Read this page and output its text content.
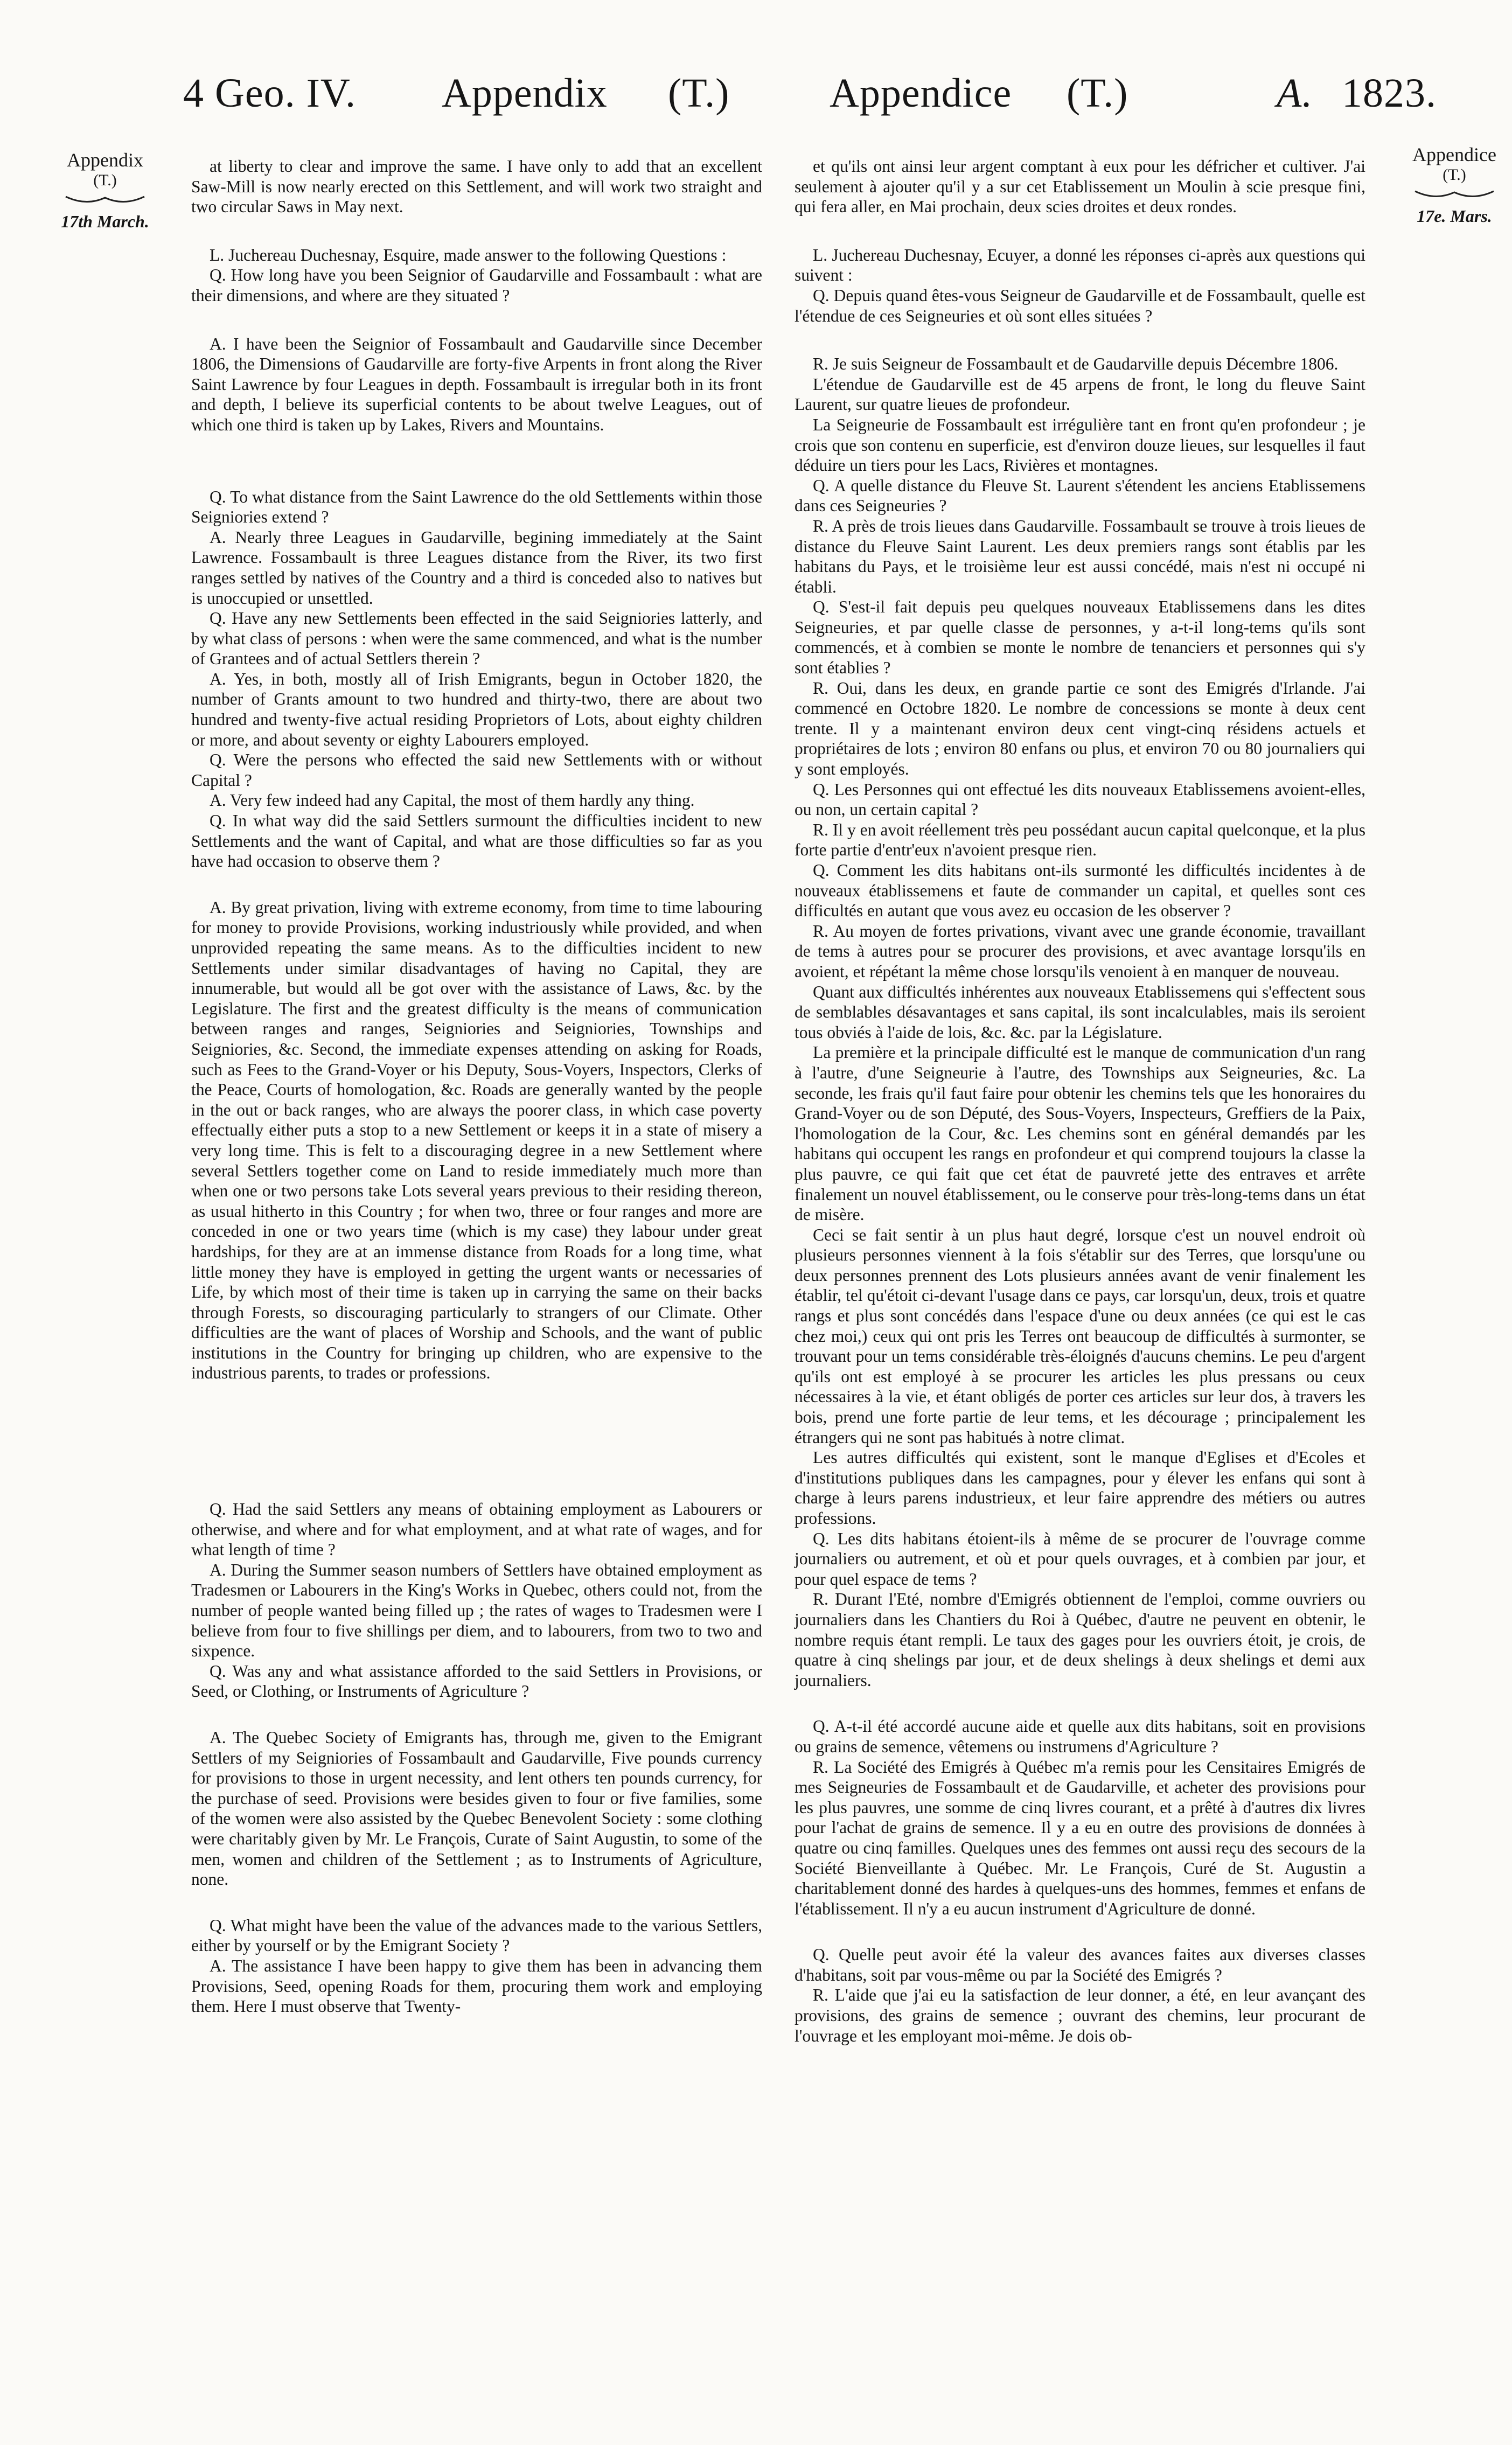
4 Geo. IV. Appendix (T.) Appendice (T.)	A. 1823.
Appendix
(T.)
17th March.
Appendice
(T.)
17e. Mars.

at liberty to clear and improve the same. I have only to add that an excellent Saw-Mill is now nearly erected on this Settlement, and will work two straight and two circular Saws in May next.

L. Juchereau Duchesnay, Esquire, made answer to the following Questions :

Q. How long have you been Seignior of Gaudarville and Fossambault : what are their dimensions, and where are they situated ?

A. I have been the Seignior of Fossambault and Gaudarville since December 1806, the Dimensions of Gaudarville are forty-five Arpents in front along the River Saint Lawrence by four Leagues in depth. Fossambault is irregular both in its front and depth, I believe its superficial contents to be about twelve Leagues, out of which one third is taken up by Lakes, Rivers and Mountains.

Q. To what distance from the Saint Lawrence do the old Settlements within those Seigniories extend ?

A. Nearly three Leagues in Gaudarville, begining immediately at the Saint Lawrence. Fossambault is three Leagues distance from the River, its two first ranges settled by natives of the Country and a third is conceded also to natives but is unoccupied or unsettled.

Q. Have any new Settlements been effected in the said Seigniories latterly, and by what class of persons : when were the same commenced, and what is the number of Grantees and of actual Settlers therein ?

A. Yes, in both, mostly all of Irish Emigrants, begun in October 1820, the number of Grants amount to two hundred and thirty-two, there are about two hundred and twenty-five actual residing Proprietors of Lots, about eighty children or more, and about seventy or eighty Labourers employed.

Q. Were the persons who effected the said new Settlements with or without Capital ?

A. Very few indeed had any Capital, the most of them hardly any thing.

Q. In what way did the said Settlers surmount the difficulties incident to new Settlements and the want of Capital, and what are those difficulties so far as you have had occasion to observe them ?

A. By great privation, living with extreme economy, from time to time labouring for money to provide Provisions, working industriously while provided, and when unprovided repeating the same means. As to the difficulties incident to new Settlements under similar disadvantages of having no Capital, they are innumerable, but would all be got over with the assistance of Laws, &c. by the Legislature. The first and the greatest difficulty is the means of communication between ranges and ranges, Seigniories and Seigniories, Townships and Seigniories, &c. Second, the immediate expenses attending on asking for Roads, such as Fees to the Grand-Voyer or his Deputy, Sous-Voyers, Inspectors, Clerks of the Peace, Courts of homologation, &c. Roads are generally wanted by the people in the out or back ranges, who are always the poorer class, in which case poverty effectually either puts a stop to a new Settlement or keeps it in a state of misery a very long time. This is felt to a discouraging degree in a new Settlement where several Settlers together come on Land to reside immediately much more than when one or two persons take Lots several years previous to their residing thereon, as usual hitherto in this Country ; for when two, three or four ranges and more are conceded in one or two years time (which is my case) they labour under great hardships, for they are at an immense distance from Roads for a long time, what little money they have is employed in getting the urgent wants or necessaries of Life, by which most of their time is taken up in carrying the same on their backs through Forests, so discouraging particularly to strangers of our Climate. Other difficulties are the want of places of Worship and Schools, and the want of public institutions in the Country for bringing up children, who are expensive to the industrious parents, to trades or professions.

Q. Had the said Settlers any means of obtaining employment as Labourers or otherwise, and where and for what employment, and at what rate of wages, and for what length of time ?

A. During the Summer season numbers of Settlers have obtained employment as Tradesmen or Labourers in the King's Works in Quebec, others could not, from the number of people wanted being filled up ; the rates of wages to Tradesmen were I believe from four to five shillings per diem, and to labourers, from two to two and sixpence.

Q. Was any and what assistance afforded to the said Settlers in Provisions, or Seed, or Clothing, or Instruments of Agriculture ?

A. The Quebec Society of Emigrants has, through me, given to the Emigrant Settlers of my Seigniories of Fossambault and Gaudarville, Five pounds currency for provisions to those in urgent necessity, and lent others ten pounds currency, for the purchase of seed. Provisions were besides given to four or five families, some of the women were also assisted by the Quebec Benevolent Society : some clothing were charitably given by Mr. Le François, Curate of Saint Augustin, to some of the men, women and children of the Settlement ; as to Instruments of Agriculture, none.

Q. What might have been the value of the advances made to the various Settlers, either by yourself or by the Emigrant Society ?

A. The assistance I have been happy to give them has been in advancing them Provisions, Seed, opening Roads for them, procuring them work and employing them. Here I must observe that Twenty-

et qu'ils ont ainsi leur argent comptant à eux pour les défricher et cultiver. J'ai seulement à ajouter qu'il y a sur cet Etablissement un Moulin à scie presque fini, qui fera aller, en Mai prochain, deux scies droites et deux rondes.

L. Juchereau Duchesnay, Ecuyer, a donné les réponses ci-après aux questions qui suivent :

Q. Depuis quand êtes-vous Seigneur de Gaudarville et de Fossambault, quelle est l'étendue de ces Seigneuries et où sont elles situées ?

R. Je suis Seigneur de Fossambault et de Gaudarville depuis Décembre 1806.

L'étendue de Gaudarville est de 45 arpens de front, le long du fleuve Saint Laurent, sur quatre lieues de profondeur.

La Seigneurie de Fossambault est irrégulière tant en front qu'en profondeur ; je crois que son contenu en superficie, est d'environ douze lieues, sur lesquelles il faut déduire un tiers pour les Lacs, Rivières et montagnes.

Q. A quelle distance du Fleuve St. Laurent s'étendent les anciens Etablissemens dans ces Seigneuries ?

R. A près de trois lieues dans Gaudarville. Fossambault se trouve à trois lieues de distance du Fleuve Saint Laurent. Les deux premiers rangs sont établis par les habitans du Pays, et le troisième leur est aussi concédé, mais n'est ni occupé ni établi.

Q. S'est-il fait depuis peu quelques nouveaux Etablissemens dans les dites Seigneuries, et par quelle classe de personnes, y a-t-il long-tems qu'ils sont commencés, et à combien se monte le nombre de tenanciers et personnes qui s'y sont établies ?

R. Oui, dans les deux, en grande partie ce sont des Emigrés d'Irlande. J'ai commencé en Octobre 1820. Le nombre de concessions se monte à deux cent trente. Il y a maintenant environ deux cent vingt-cinq résidens actuels et propriétaires de lots ; environ 80 enfans ou plus, et environ 70 ou 80 journaliers qui y sont employés.

Q. Les Personnes qui ont effectué les dits nouveaux Etablissemens avoient-elles, ou non, un certain capital ?

R. Il y en avoit réellement très peu possédant aucun capital quelconque, et la plus forte partie d'entr'eux n'avoient presque rien.

Q. Comment les dits habitans ont-ils surmonté les difficultés incidentes à de nouveaux établissemens et faute de commander un capital, et quelles sont ces difficultés en autant que vous avez eu occasion de les observer ?

R. Au moyen de fortes privations, vivant avec une grande économie, travaillant de tems à autres pour se procurer des provisions, et avec avantage lorsqu'ils en avoient, et répétant la même chose lorsqu'ils venoient à en manquer de nouveau.

Quant aux difficultés inhérentes aux nouveaux Etablissemens qui s'effectent sous de semblables désavantages et sans capital, ils sont incalculables, mais ils seroient tous obviés à l'aide de lois, &c. &c. par la Législature.

La première et la principale difficulté est le manque de communication d'un rang à l'autre, d'une Seigneurie à l'autre, des Townships aux Seigneuries, &c. La seconde, les frais qu'il faut faire pour obtenir les chemins tels que les honoraires du Grand-Voyer ou de son Député, des Sous-Voyers, Inspecteurs, Greffiers de la Paix, l'homologation de la Cour, &c. Les chemins sont en général demandés par les habitans qui occupent les rangs en profondeur et qui comprend toujours la classe la plus pauvre, ce qui fait que cet état de pauvreté jette des entraves et arrête finalement un nouvel établissement, ou le conserve pour très-long-tems dans un état de misère.

Ceci se fait sentir à un plus haut degré, lorsque c'est un nouvel endroit où plusieurs personnes viennent à la fois s'établir sur des Terres, que lorsqu'une ou deux personnes prennent des Lots plusieurs années avant de venir finalement les établir, tel qu'étoit ci-devant l'usage dans ce pays, car lorsqu'un, deux, trois et quatre rangs et plus sont concédés dans l'espace d'une ou deux années (ce qui est le cas chez moi,) ceux qui ont pris les Terres ont beaucoup de difficultés à surmonter, se trouvant pour un tems considérable très-éloignés d'aucuns chemins. Le peu d'argent qu'ils ont est employé à se procurer les articles les plus pressans ou ceux nécessaires à la vie, et étant obligés de porter ces articles sur leur dos, à travers les bois, prend une forte partie de leur tems, et les décourage ; principalement les étrangers qui ne sont pas habitués à notre climat.

Les autres difficultés qui existent, sont le manque d'Eglises et d'Ecoles et d'institutions publiques dans les campagnes, pour y élever les enfans qui sont à charge à leurs parens industrieux, et leur faire apprendre des métiers ou autres professions.

Q. Les dits habitans étoient-ils à même de se procurer de l'ouvrage comme journaliers ou autrement, et où et pour quels ouvrages, et à combien par jour, et pour quel espace de tems ?

R. Durant l'Eté, nombre d'Emigrés obtiennent de l'emploi, comme ouvriers ou journaliers dans les Chantiers du Roi à Québec, d'autre ne peuvent en obtenir, le nombre requis étant rempli. Le taux des gages pour les ouvriers étoit, je crois, de quatre à cinq shelings par jour, et de deux shelings à deux shelings et demi aux journaliers.

Q. A-t-il été accordé aucune aide et quelle aux dits habitans, soit en provisions ou grains de semence, vêtemens ou instrumens d'Agriculture ?

R. La Société des Emigrés à Québec m'a remis pour les Censitaires Emigrés de mes Seigneuries de Fossambault et de Gaudarville, et acheter des provisions pour les plus pauvres, une somme de cinq livres courant, et a prêté à d'autres dix livres pour l'achat de grains de semence. Il y a eu en outre des provisions de données à quatre ou cinq familles. Quelques unes des femmes ont aussi reçu des secours de la Société Bienveillante à Québec. Mr. Le François, Curé de St. Augustin a charitablement donné des hardes à quelques-uns des hommes, femmes et enfans de l'établissement. Il n'y a eu aucun instrument d'Agriculture de donné.

Q. Quelle peut avoir été la valeur des avances faites aux diverses classes d'habitans, soit par vous-même ou par la Société des Emigrés ?

R. L'aide que j'ai eu la satisfaction de leur donner, a été, en leur avançant des provisions, des grains de semence ; ouvrant des chemins, leur procurant de l'ouvrage et les employant moi-même. Je dois ob-
